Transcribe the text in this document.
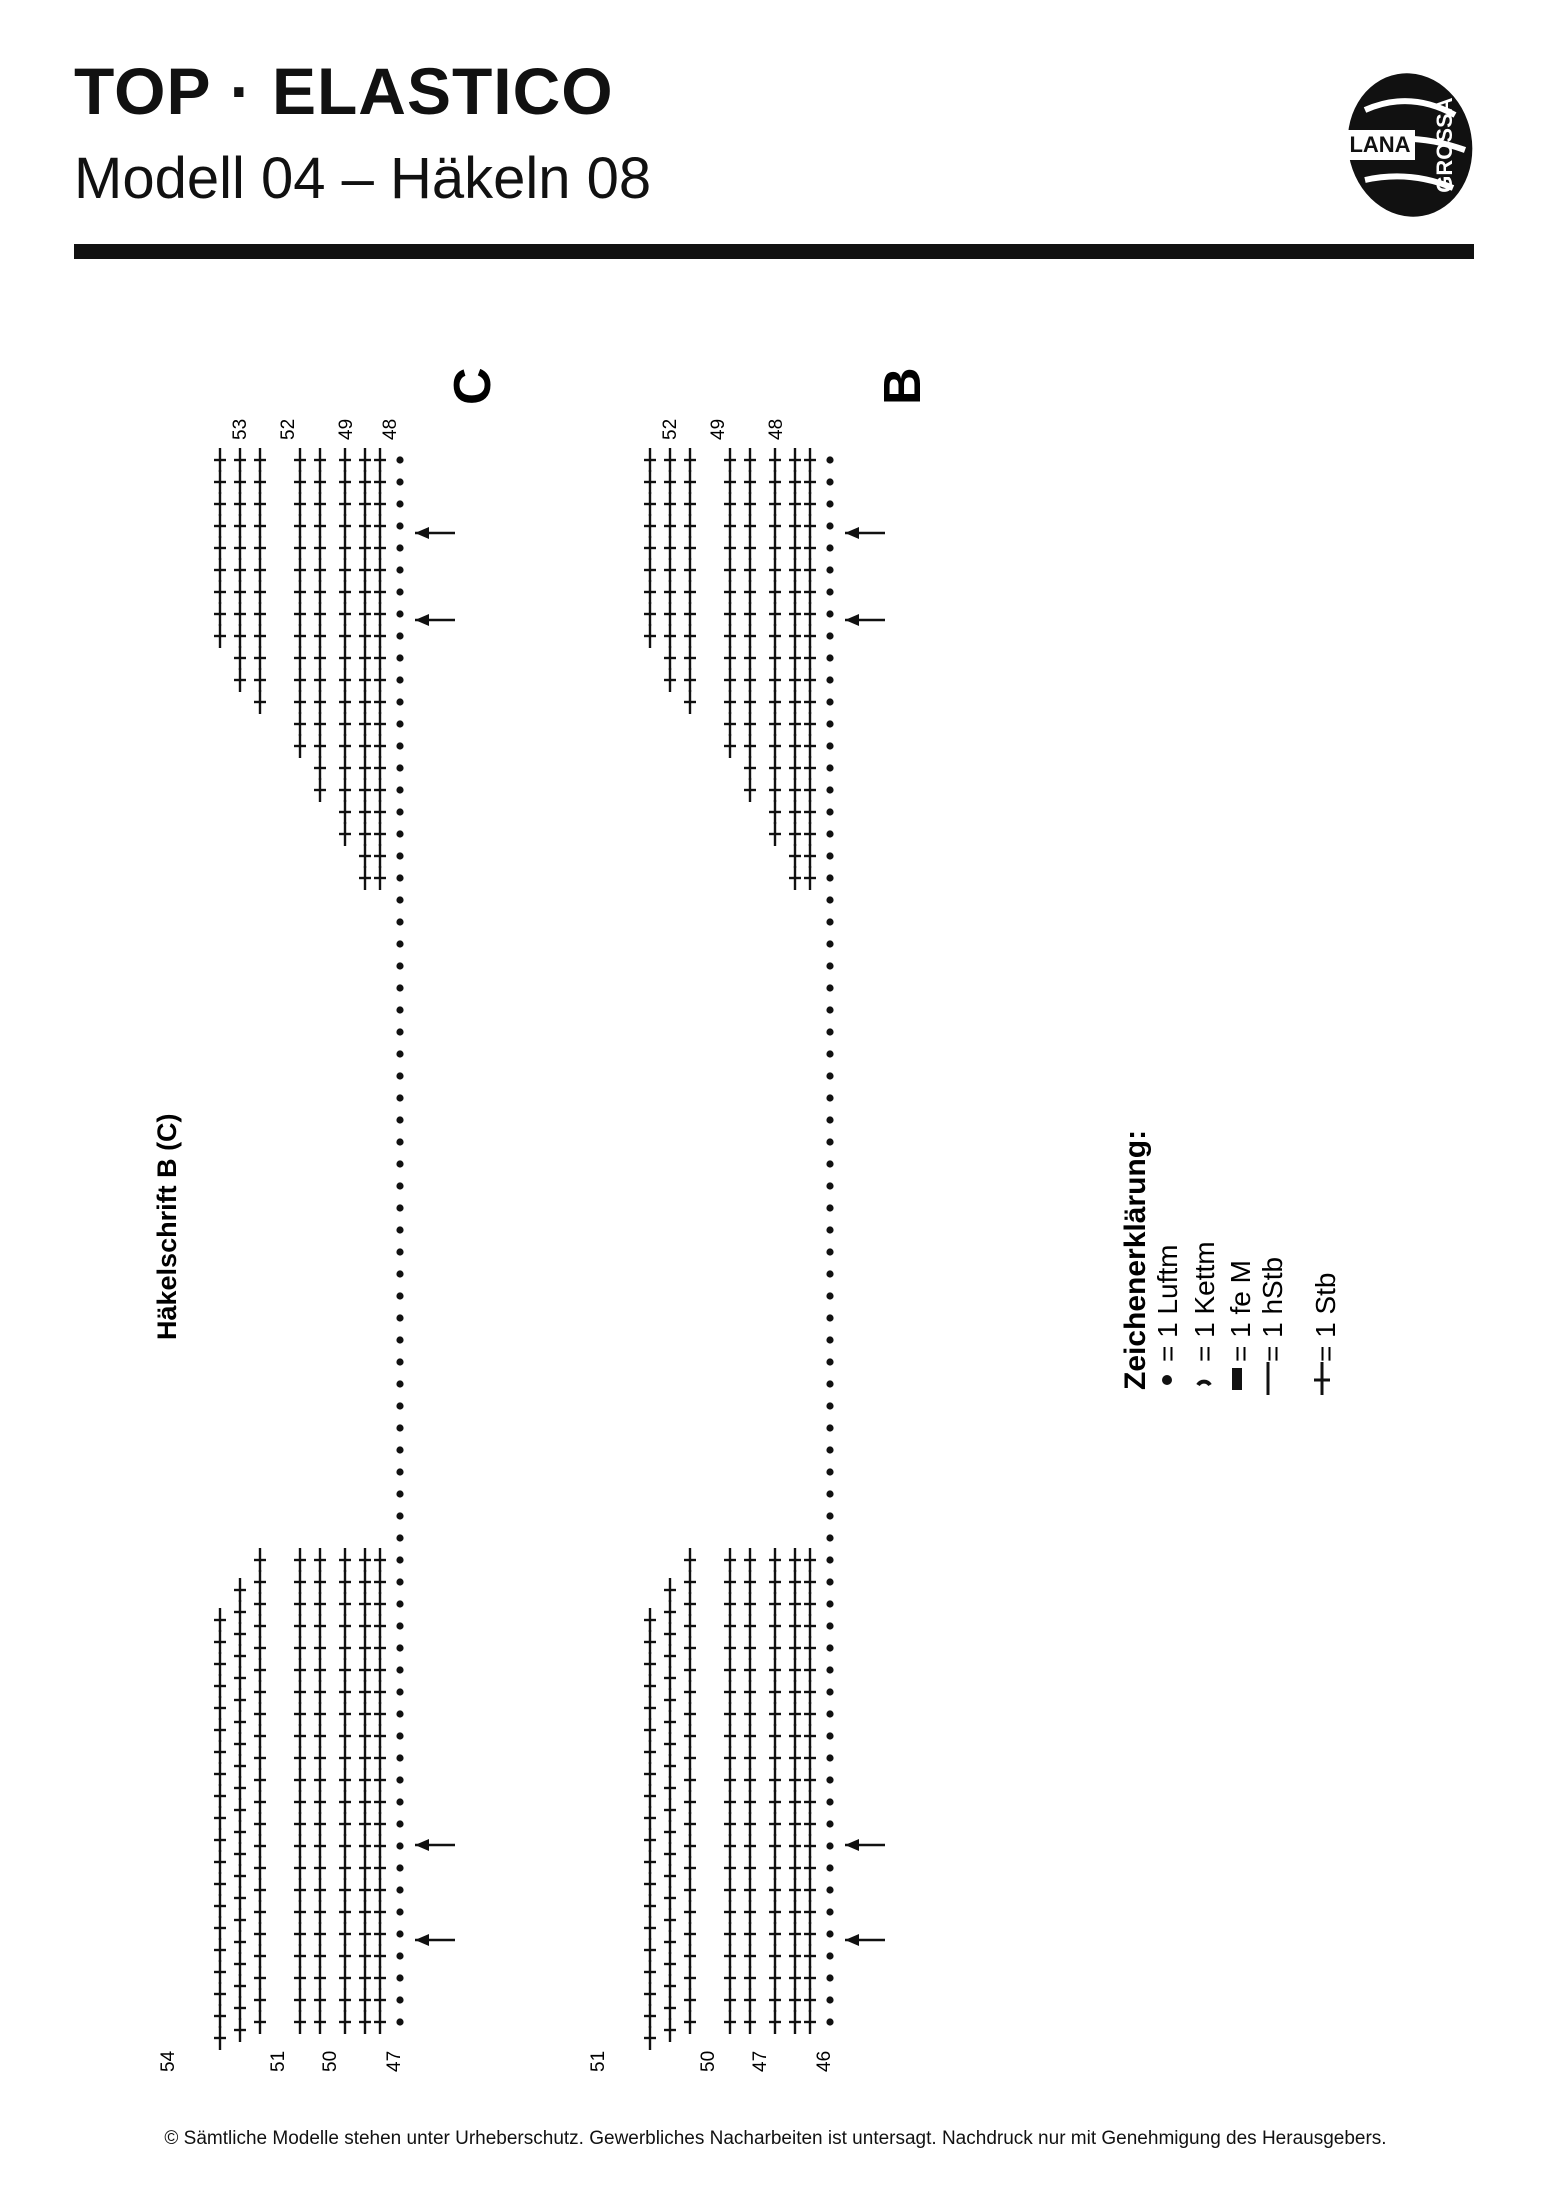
TOP · ELASTICO
Modell 04 – Häkeln 08
LANA GROSSA
54	51 50 47
53 52 49 48
51	50 47 46
52 49 48
Häkelschrift B (C)
C	B
Zeichenerklärung: = 1 Luftm = 1 Kettm = 1 fe M = 1 hStb = 1 Stb
© Sämtliche Modelle stehen unter Urheberschutz. Gewerbliches Nacharbeiten ist untersagt. Nachdruck nur mit Genehmigung des Herausgebers.
